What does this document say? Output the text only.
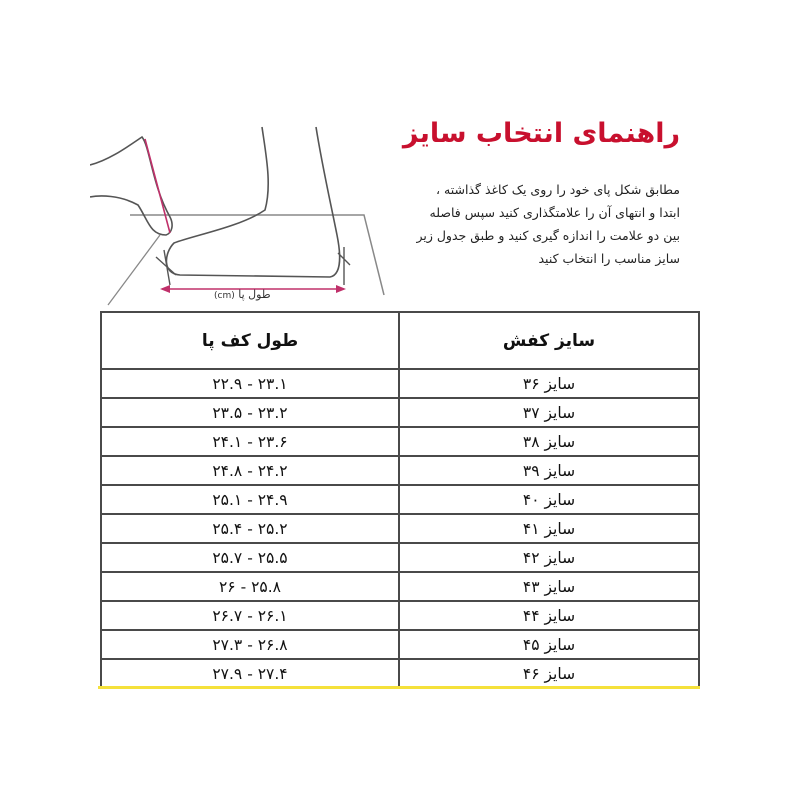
طول پا (cm)
راهنمای انتخاب سایز

مطابق شکل پای خود را روی یک کاغذ گذاشته ،
ابتدا و انتهای آن را علامتگذاری کنید سپس فاصله
بین دو علامت را اندازه گیری کنید و طبق جدول زیر
سایز مناسب را انتخاب کنید

طول کف پا	سایز کفش
۲۳.۱ - ۲۲.۹	سایز ۳۶
۲۳.۲ - ۲۳.۵	سایز ۳۷
۲۳.۶ - ۲۴.۱	سایز ۳۸
۲۴.۲ - ۲۴.۸	سایز ۳۹
۲۴.۹ - ۲۵.۱	سایز ۴۰
۲۵.۲ - ۲۵.۴	سایز ۴۱
۲۵.۵ - ۲۵.۷	سایز ۴۲
۲۵.۸ - ۲۶	سایز ۴۳
۲۶.۱ - ۲۶.۷	سایز ۴۴
۲۶.۸ - ۲۷.۳	سایز ۴۵
۲۷.۴ - ۲۷.۹	سایز ۴۶
